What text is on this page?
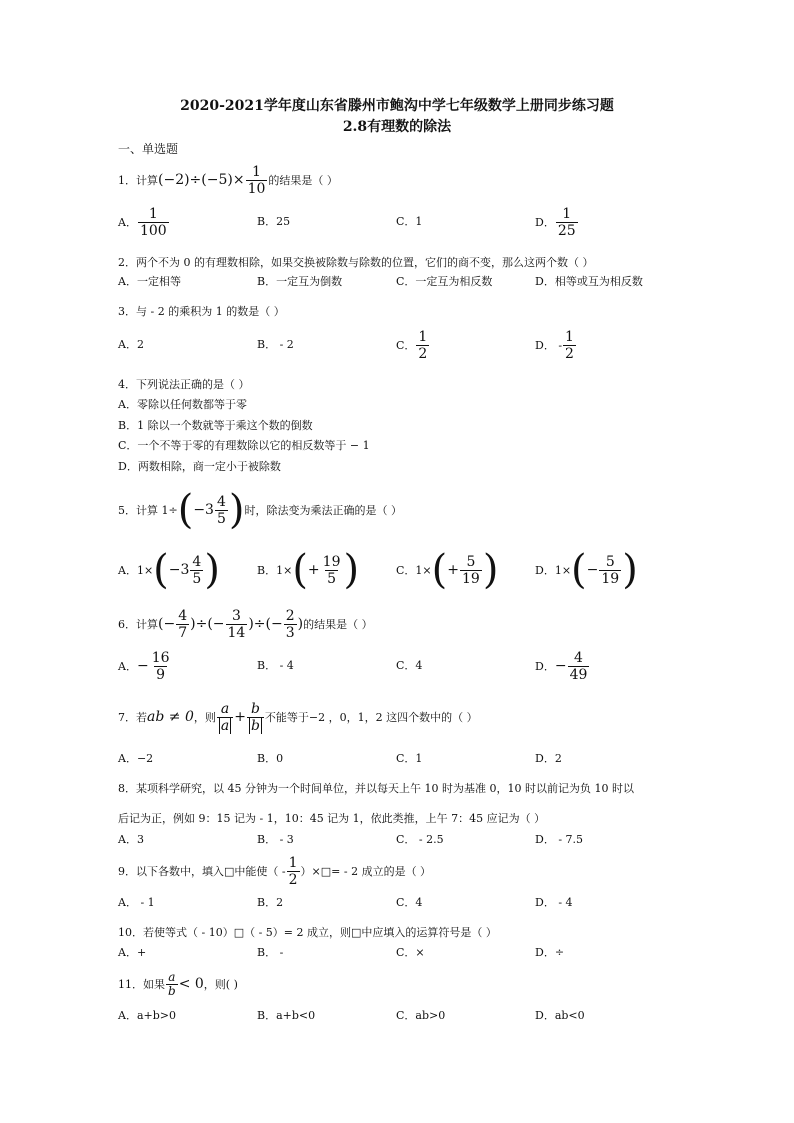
2020-2021学年度山东省滕州市鲍沟中学七年级数学上册同步练习题
2.8有理数的除法
一、单选题
1．计算 $(-2)\div(-5)\times \frac{1}{10}$ 的结果是（ ）
A． $\frac{1}{100}$	B．25	C．1	D． $\frac{1}{25}$
2．两个不为 0 的有理数相除，如果交换被除数与除数的位置，它们的商不变，那么这两个数（ ）
A．一定相等	B．一定互为倒数	C．一定互为相反数	D．相等或互为相反数
3．与 - 2 的乘积为 1 的数是（ ）
A．2	B． - 2	C． $\frac{1}{2}$	D． - $\frac{1}{2}$
4．下列说法正确的是（ ）
A．零除以任何数都等于零
B．1 除以一个数就等于乘这个数的倒数
C．一个不等于零的有理数除以它的相反数等于 − 1
D．两数相除，商一定小于被除数
5．计算 1÷ ( $-3 \frac{4}{5}$ ) 时，除法变为乘法正确的是（ ）
A．1× ( $-3 \frac{4}{5}$ )	B．1× ( + $\frac{19}{5}$ )	C．1× ( + $\frac{5}{19}$ )	D．1× ( − $\frac{5}{19}$ )
6．计算 (− $\frac{4}{7}$ )÷(− $\frac{3}{14}$ )÷(− $\frac{2}{3}$ ) 的结果是（ ）
A． − $\frac{16}{9}$	B． - 4	C．4	D． − $\frac{4}{49}$
7．若 ab ≠ 0 ，则 $\frac{a}{a} + \frac{b}{b}$ 不能等于−2 ，0，1，2 这四个数中的（ ）
A．−2	B．0	C．1	D．2
8．某项科学研究，以 45 分钟为一个时间单位，并以每天上午 10 时为基准 0，10 时以前记为负 10 时以
后记为正，例如 9：15 记为 - 1，10：45 记为 1，依此类推，上午 7：45 应记为（ ）
A．3	B． - 3	C． - 2.5	D． - 7.5
9．以下各数中，填入□中能使（ - $\frac{1}{2}$ ）×□= - 2 成立的是（ ）
A． - 1	B．2	C．4	D． - 4
10．若使等式（ - 10）□（ - 5）= 2 成立，则□中应填入的运算符号是（ ）
A．+	B． -	C．×	D．÷
11．如果 $\frac{a}{b} < 0$ ，则( )
A．a+b>0	B．a+b<0	C．ab>0	D．ab<0
